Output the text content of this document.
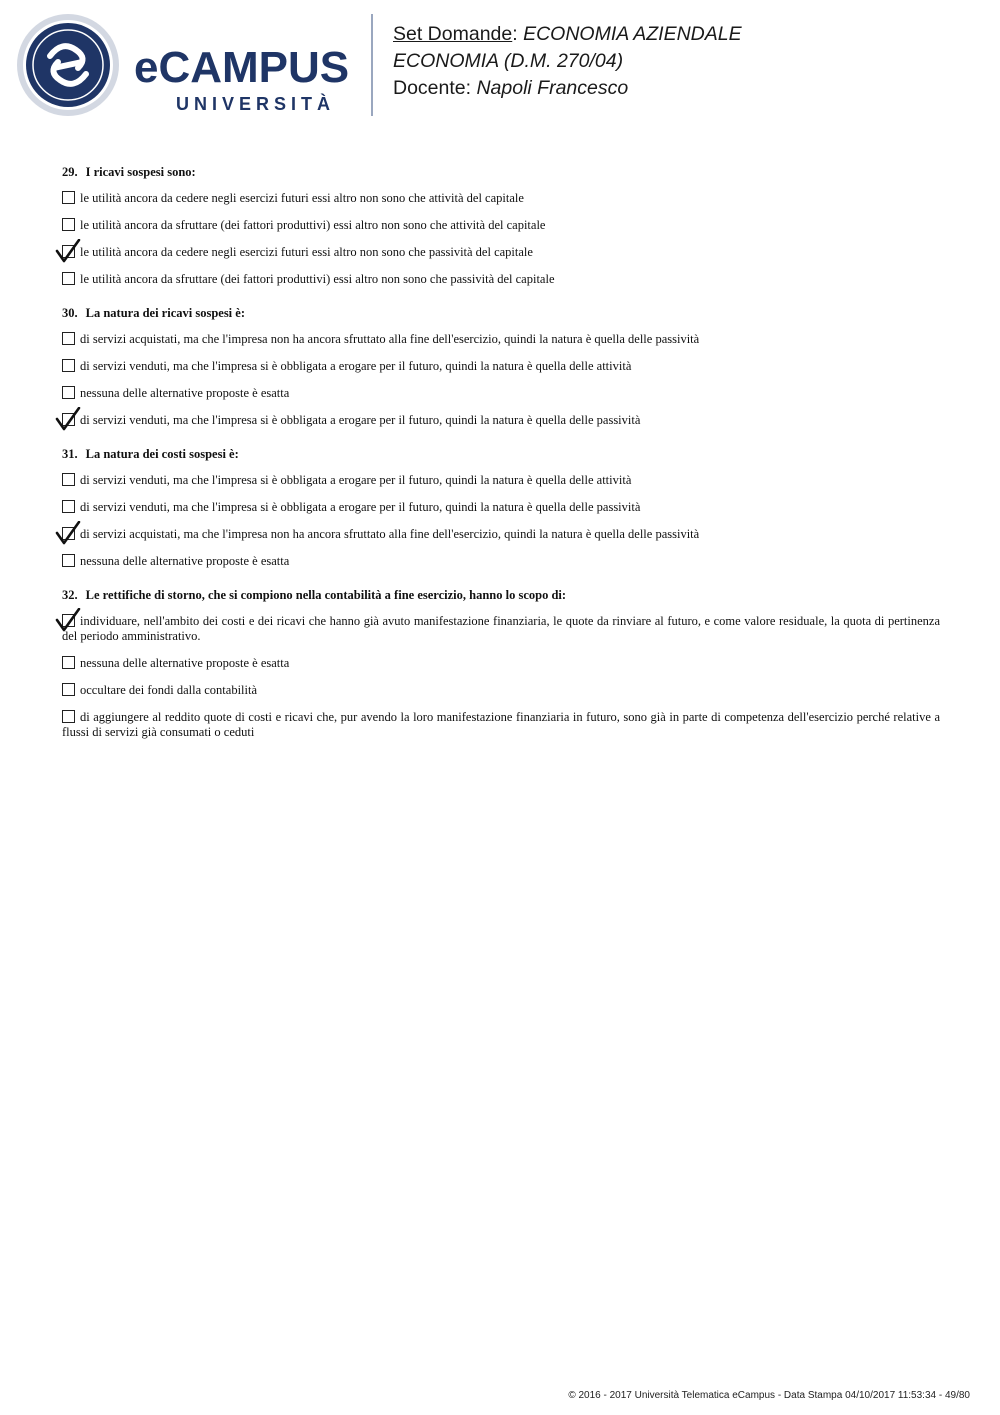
eCAMPUS
UNIVERSITÀ
Set Domande: ECONOMIA AZIENDALE
ECONOMIA (D.M. 270/04)
Docente: Napoli Francesco
29. I ricavi sospesi sono:
le utilità ancora da cedere negli esercizi futuri essi altro non sono che attività del capitale
le utilità ancora da sfruttare (dei fattori produttivi) essi altro non sono che attività del capitale
le utilità ancora da cedere negli esercizi futuri essi altro non sono che passività del capitale
le utilità ancora da sfruttare (dei fattori produttivi) essi altro non sono che passività del capitale
30. La natura dei ricavi sospesi è:
di servizi acquistati, ma che l'impresa non ha ancora sfruttato alla fine dell'esercizio, quindi la natura è quella delle passività
di servizi venduti, ma che l'impresa si è obbligata a erogare per il futuro, quindi la natura è quella delle attività
nessuna delle alternative proposte è esatta
di servizi venduti, ma che l'impresa si è obbligata a erogare per il futuro, quindi la natura è quella delle passività
31. La natura dei costi sospesi è:
di servizi venduti, ma che l'impresa si è obbligata a erogare per il futuro, quindi la natura è quella delle attività
di servizi venduti, ma che l'impresa si è obbligata a erogare per il futuro, quindi la natura è quella delle passività
di servizi acquistati, ma che l'impresa non ha ancora sfruttato alla fine dell'esercizio, quindi la natura è quella delle passività
nessuna delle alternative proposte è esatta
32. Le rettifiche di storno, che si compiono nella contabilità a fine esercizio, hanno lo scopo di:
individuare, nell'ambito dei costi e dei ricavi che hanno già avuto manifestazione finanziaria, le quote da rinviare al futuro, e come valore residuale, la quota di pertinenza del periodo amministrativo.
nessuna delle alternative proposte è esatta
occultare dei fondi dalla contabilità
di aggiungere al reddito quote di costi e ricavi che, pur avendo la loro manifestazione finanziaria in futuro, sono già in parte di competenza dell'esercizio perché relative a flussi di servizi già consumati o ceduti
© 2016 - 2017 Università Telematica eCampus - Data Stampa 04/10/2017 11:53:34 - 49/80
